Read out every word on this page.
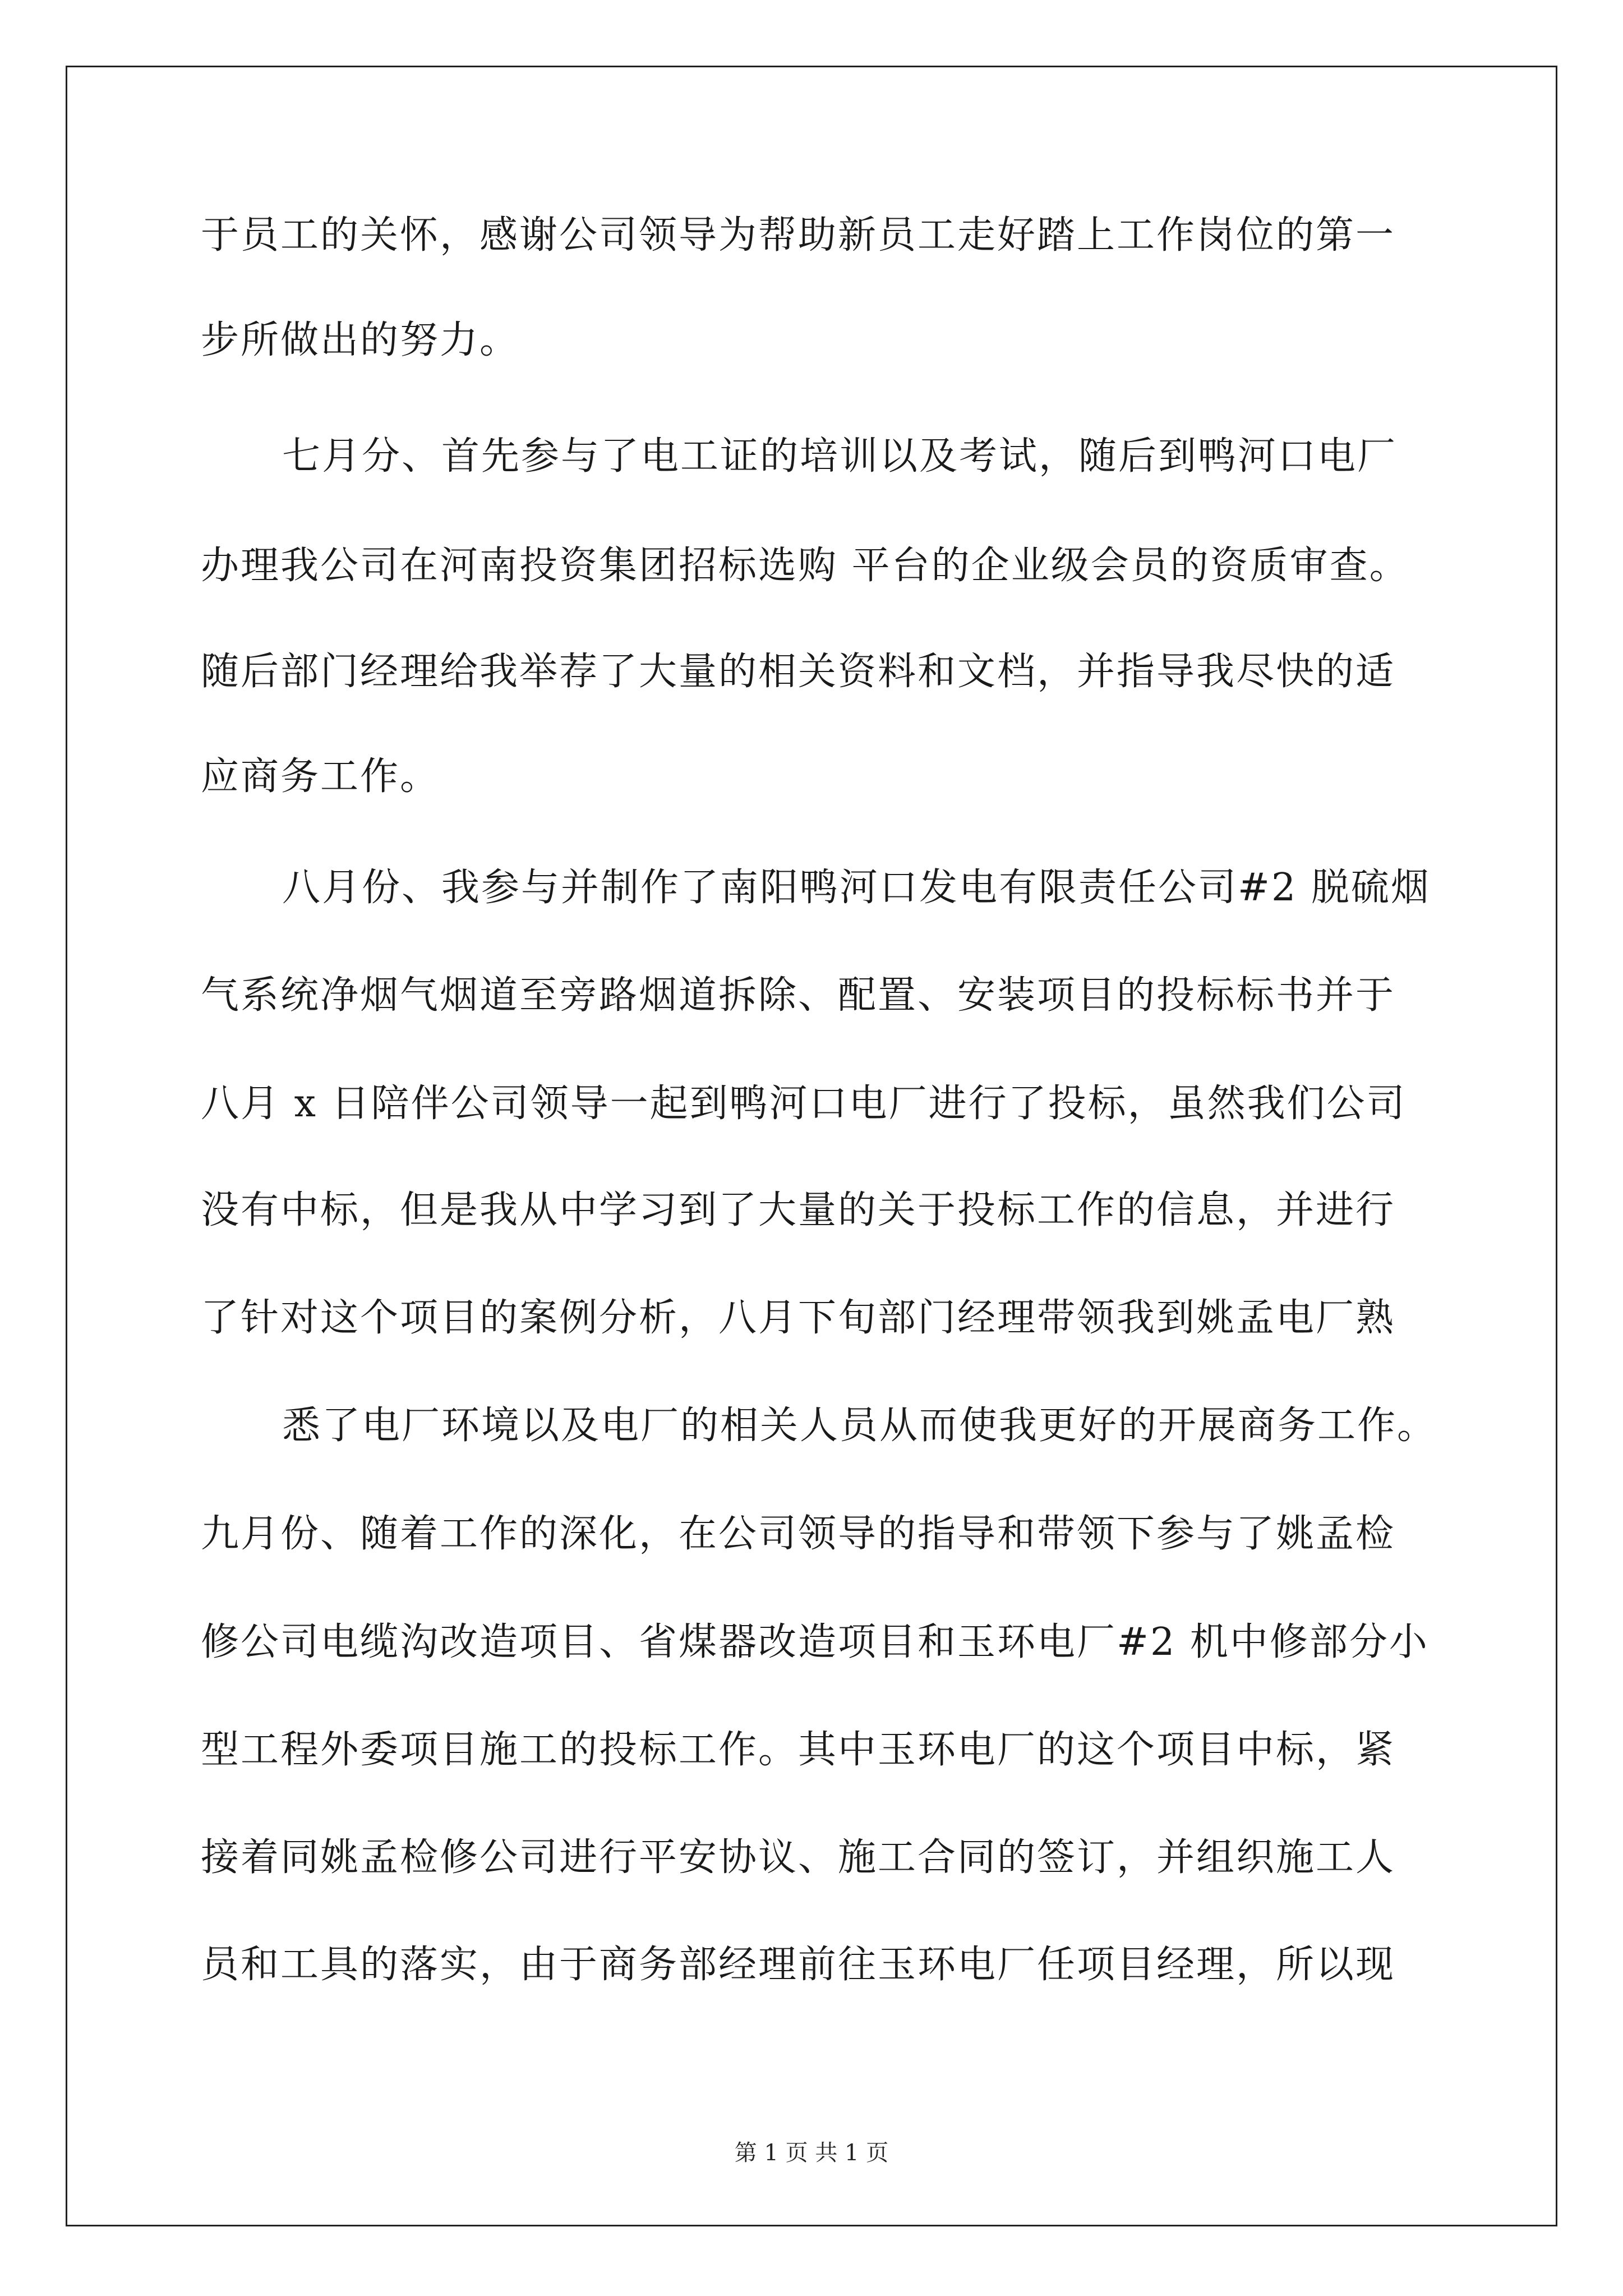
于员工的关怀，感谢公司领导为帮助新员工走好踏上工作岗位的第一
步所做出的努力。
七月分、首先参与了电工证的培训以及考试，随后到鸭河口电厂
办理我公司在河南投资集团招标选购 平台的企业级会员的资质审查。
随后部门经理给我举荐了大量的相关资料和文档，并指导我尽快的适
应商务工作。
八月份、我参与并制作了南阳鸭河口发电有限责任公司#2 脱硫烟
气系统净烟气烟道至旁路烟道拆除、配置、安装项目的投标标书并于
八月 x 日陪伴公司领导一起到鸭河口电厂进行了投标，虽然我们公司
没有中标，但是我从中学习到了大量的关于投标工作的信息，并进行
了针对这个项目的案例分析，八月下旬部门经理带领我到姚孟电厂熟
悉了电厂环境以及电厂的相关人员从而使我更好的开展商务工作。
九月份、随着工作的深化，在公司领导的指导和带领下参与了姚孟检
修公司电缆沟改造项目、省煤器改造项目和玉环电厂#2 机中修部分小
型工程外委项目施工的投标工作。其中玉环电厂的这个项目中标，紧
接着同姚孟检修公司进行平安协议、施工合同的签订，并组织施工人
员和工具的落实，由于商务部经理前往玉环电厂任项目经理，所以现
第 1 页 共 1 页
